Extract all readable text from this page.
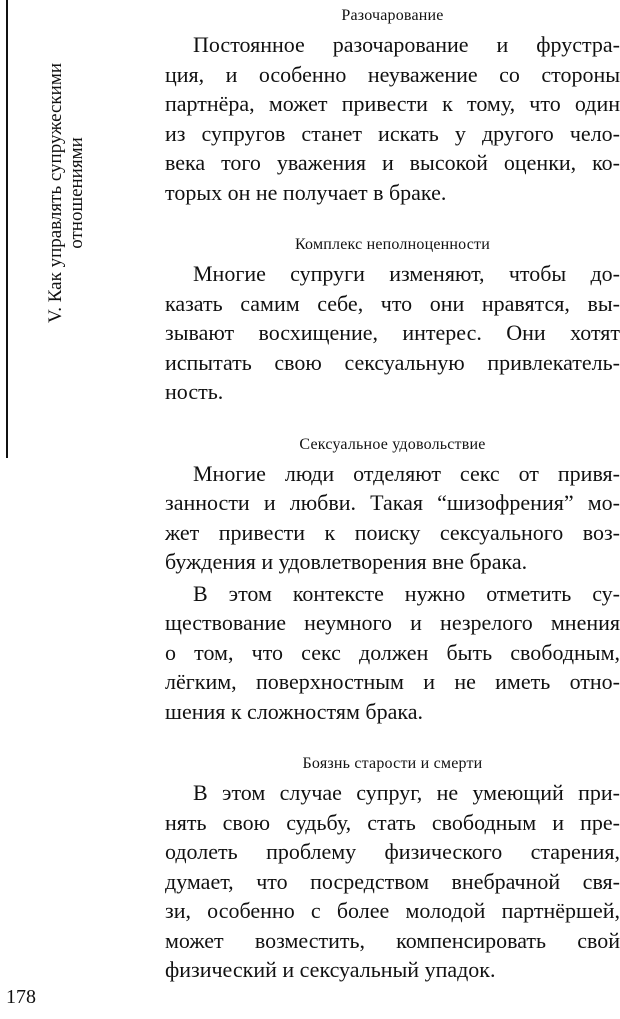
V. Как управлять супружескими отношениями
Разочарование
Постоянное разочарование и фрустра-
ция, и особенно неуважение со стороны
партнёра, может привести к тому, что один
из супругов станет искать у другого чело-
века того уважения и высокой оценки, ко-
торых он не получает в браке.
Комплекс неполноценности
Многие супруги изменяют, чтобы до-
казать самим себе, что они нравятся, вы-
зывают восхищение, интерес. Они хотят
испытать свою сексуальную привлекатель-
ность.
Сексуальное удовольствие
Многие люди отделяют секс от привя-
занности и любви. Такая “шизофрения” мо-
жет привести к поиску сексуального воз-
буждения и удовлетворения вне брака.
В этом контексте нужно отметить су-
ществование неумного и незрелого мнения
о том, что секс должен быть свободным,
лёгким, поверхностным и не иметь отно-
шения к сложностям брака.
Боязнь старости и смерти
В этом случае супруг, не умеющий при-
нять свою судьбу, стать свободным и пре-
одолеть проблему физического старения,
думает, что посредством внебрачной свя-
зи, особенно с более молодой партнёршей,
может возместить, компенсировать свой
физический и сексуальный упадок.
178
